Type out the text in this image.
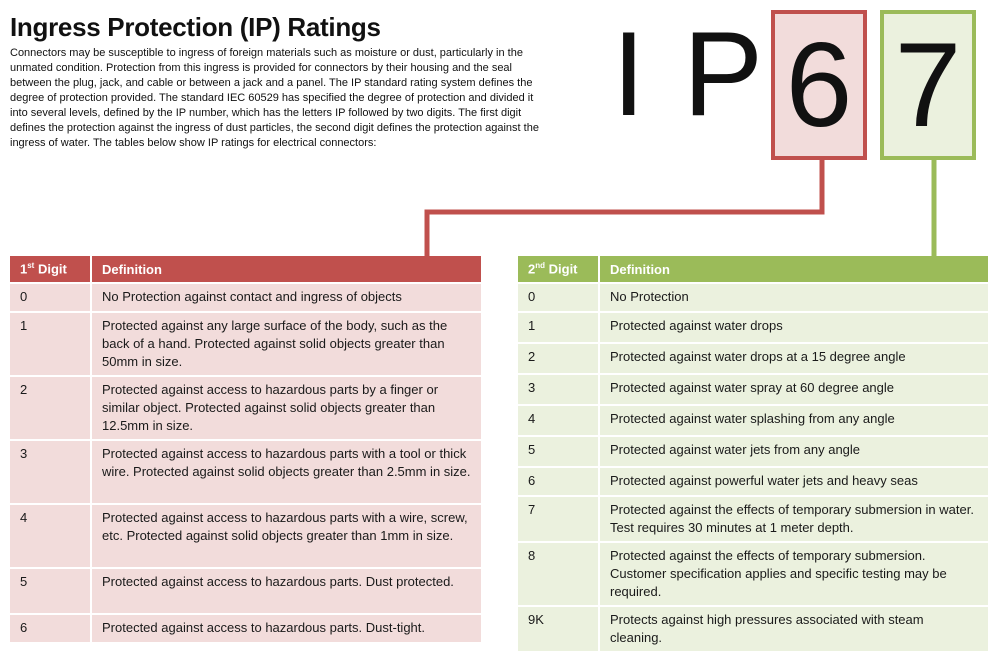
Ingress Protection (IP) Ratings
Connectors may be susceptible to ingress of foreign materials such as moisture or dust, particularly in the unmated condition. Protection from this ingress is provided for connectors by their housing and the seal between the plug, jack, and cable or between a jack and a panel. The IP standard rating system defines the degree of protection provided. The standard IEC 60529 has specified the degree of protection and divided it into several levels, defined by the IP number, which has the letters IP followed by two digits. The first digit defines the protection against the ingress of dust particles, the second digit defines the protection against the ingress of water. The tables below show IP ratings for electrical connectors:
I P 6 7
1st Digit	Definition
0	No Protection against contact and ingress of objects
1	Protected against any large surface of the body, such as the back of a hand. Protected against solid objects greater than 50mm in size.
2	Protected against access to hazardous parts by a finger or similar object. Protected against solid objects greater than 12.5mm in size.
3	Protected against access to hazardous parts with a tool or thick wire. Protected against solid objects greater than 2.5mm in size.
4	Protected against access to hazardous parts with a wire, screw, etc. Protected against solid objects greater than 1mm in size.
5	Protected against access to hazardous parts. Dust protected.
6	Protected against access to hazardous parts. Dust-tight.
2nd Digit	Definition
0	No Protection
1	Protected against water drops
2	Protected against water drops at a 15 degree angle
3	Protected against water spray at 60 degree angle
4	Protected against water splashing from any angle
5	Protected against water jets from any angle
6	Protected against powerful water jets and heavy seas
7	Protected against the effects of temporary submersion in water. Test requires 30 minutes at 1 meter depth.
8	Protected against the effects of temporary submersion. Customer specification applies and specific testing may be required.
9K	Protects against high pressures associated with steam cleaning.
